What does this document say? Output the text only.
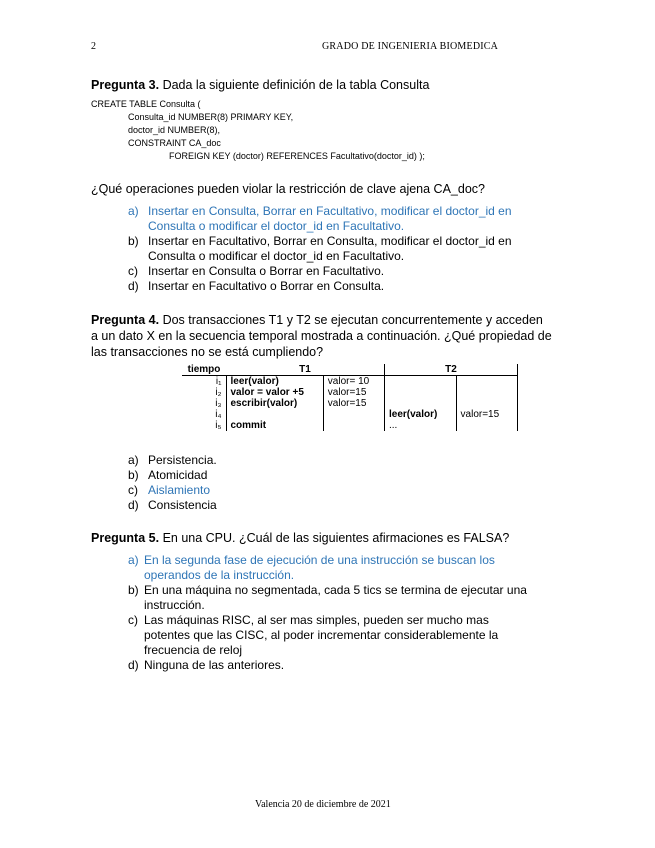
2	GRADO DE INGENIERIA BIOMEDICA
Pregunta 3. Dada la siguiente definición de la tabla Consulta
CREATE TABLE Consulta (
Consulta_id NUMBER(8) PRIMARY KEY,
doctor_id NUMBER(8),
CONSTRAINT CA_doc
FOREIGN KEY (doctor) REFERENCES Facultativo(doctor_id) );
¿Qué operaciones pueden violar la restricción de clave ajena CA_doc?
a) Insertar en Consulta, Borrar en Facultativo, modificar el doctor_id en
Consulta o modificar el doctor_id en Facultativo.
b) Insertar en Facultativo, Borrar en Consulta, modificar el doctor_id en
Consulta o modificar el doctor_id en Facultativo.
c) Insertar en Consulta o Borrar en Facultativo.
d) Insertar en Facultativo o Borrar en Consulta.
Pregunta 4. Dos transacciones T1 y T2 se ejecutan concurrentemente y acceden
a un dato X en la secuencia temporal mostrada a continuación. ¿Qué propiedad de
las transacciones no se está cumpliendo?
tiempo	T1		T2	
i₁	leer(valor)	valor= 10		
i₂	valor = valor +5	valor=15		
i₃	escribir(valor)	valor=15		
i₄			leer(valor)	valor=15
i₅	commit		...	
a) Persistencia.
b) Atomicidad
c) Aislamiento
d) Consistencia
Pregunta 5. En una CPU. ¿Cuál de las siguientes afirmaciones es FALSA?
a) En la segunda fase de ejecución de una instrucción se buscan los
operandos de la instrucción.
b) En una máquina no segmentada, cada 5 tics se termina de ejecutar una
instrucción.
c) Las máquinas RISC, al ser mas simples, pueden ser mucho mas
potentes que las CISC, al poder incrementar considerablemente la
frecuencia de reloj
d) Ninguna de las anteriores.
Valencia 20 de diciembre de 2021
